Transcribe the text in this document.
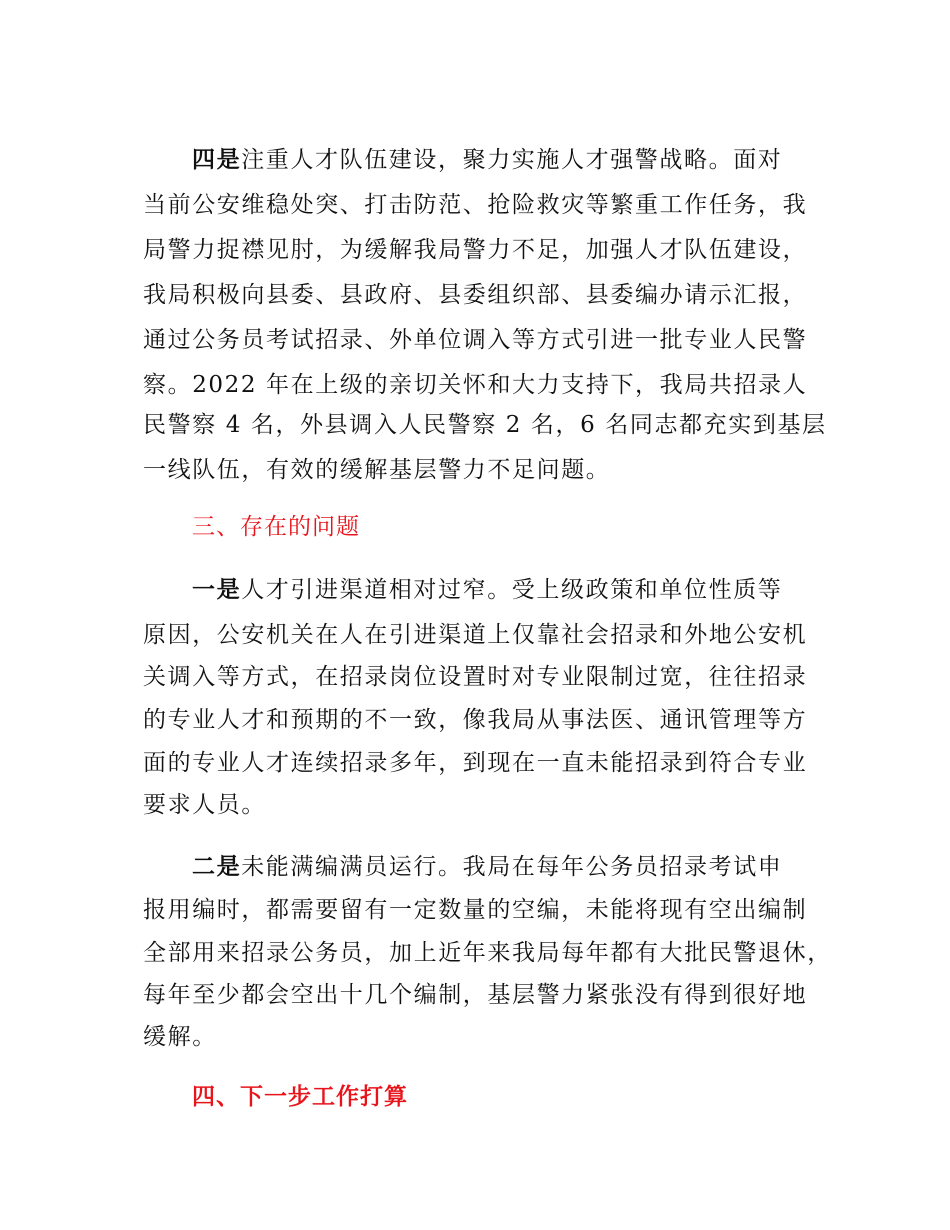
四是注重人才队伍建设，聚力实施人才强警战略。面对
当前公安维稳处突、打击防范、抢险救灾等繁重工作任务，我
局警力捉襟见肘，为缓解我局警力不足，加强人才队伍建设，
我局积极向县委、县政府、县委组织部、县委编办请示汇报，
通过公务员考试招录、外单位调入等方式引进一批专业人民警
察。2022 年在上级的亲切关怀和大力支持下，我局共招录人
民警察 4 名，外县调入人民警察 2 名，6 名同志都充实到基层
一线队伍，有效的缓解基层警力不足问题。
三、存在的问题
一是人才引进渠道相对过窄。受上级政策和单位性质等
原因，公安机关在人在引进渠道上仅靠社会招录和外地公安机
关调入等方式，在招录岗位设置时对专业限制过宽，往往招录
的专业人才和预期的不一致，像我局从事法医、通讯管理等方
面的专业人才连续招录多年，到现在一直未能招录到符合专业
要求人员。
二是未能满编满员运行。我局在每年公务员招录考试申
报用编时，都需要留有一定数量的空编，未能将现有空出编制
全部用来招录公务员，加上近年来我局每年都有大批民警退休，
每年至少都会空出十几个编制，基层警力紧张没有得到很好地
缓解。
四、下一步工作打算
